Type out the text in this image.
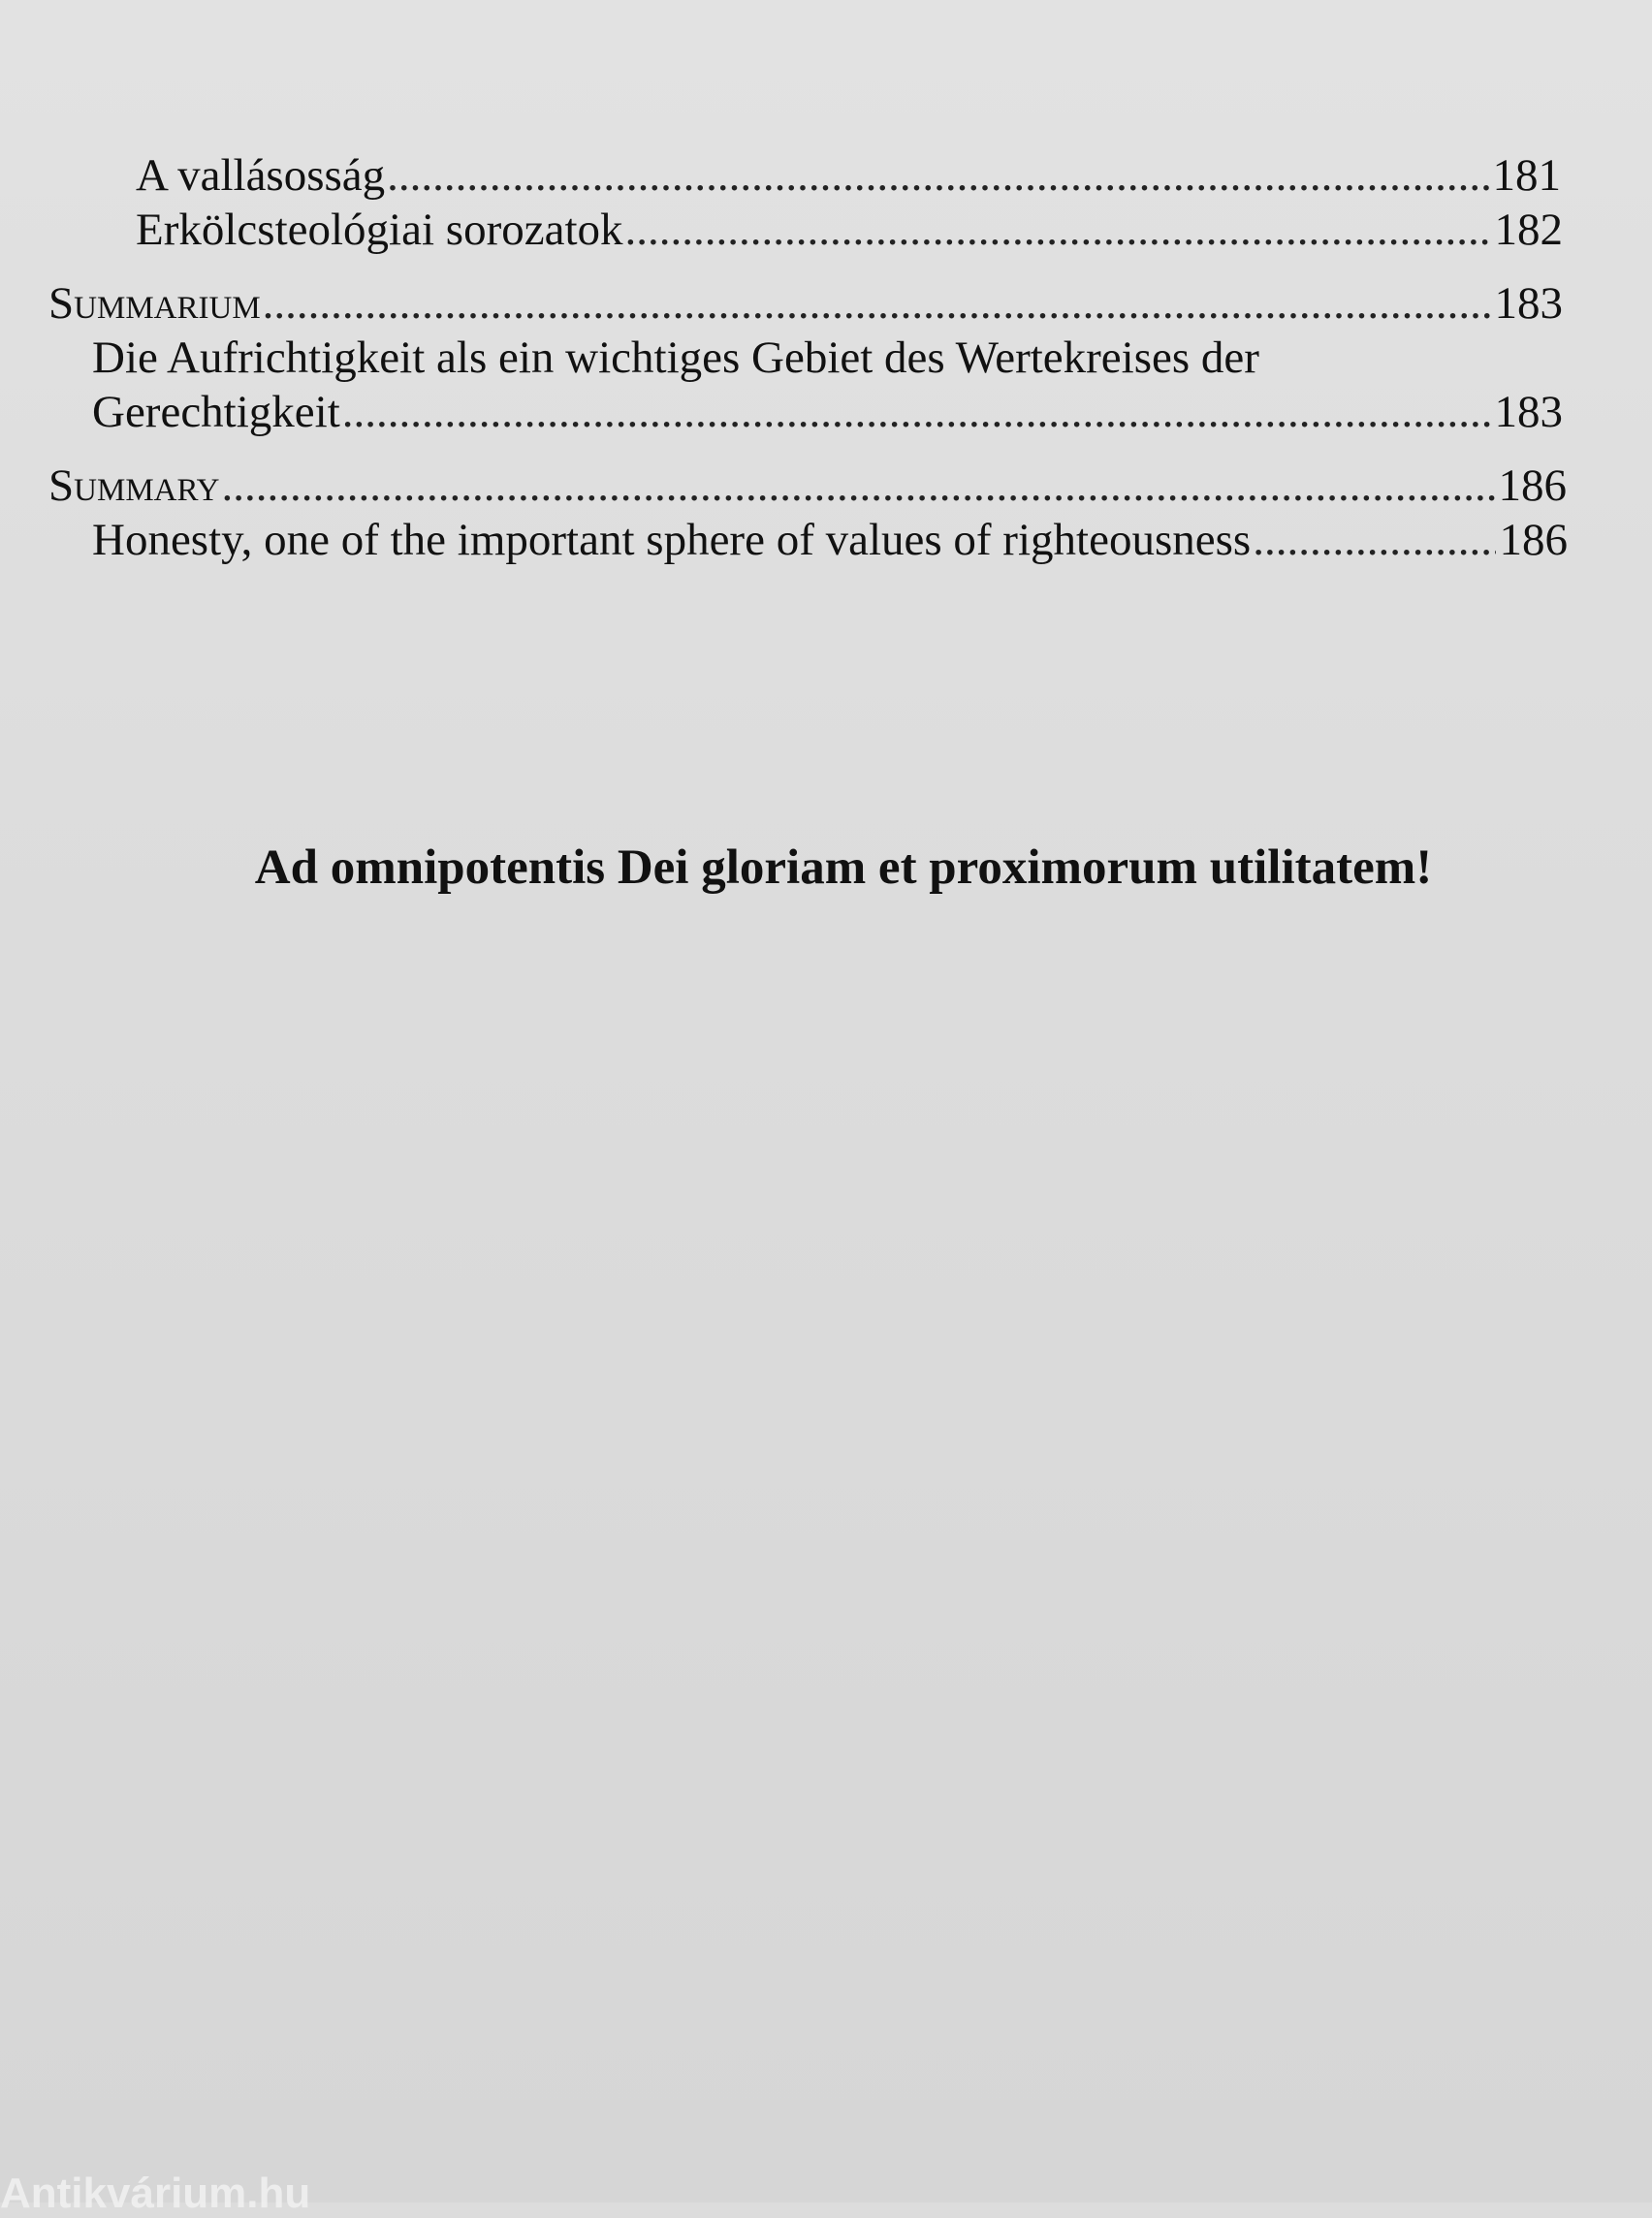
A vallásosság .....	181
Erkölcsteológiai sorozatok .....	182
Summarium .....	183
Die Aufrichtigkeit als ein wichtiges Gebiet des Wertekreises der
Gerechtigkeit .....	183
Summary .....	186
Honesty, one of the important sphere of values of righteousness .....	186
Ad omnipotentis Dei gloriam et proximorum utilitatem!
Antikvárium.hu
